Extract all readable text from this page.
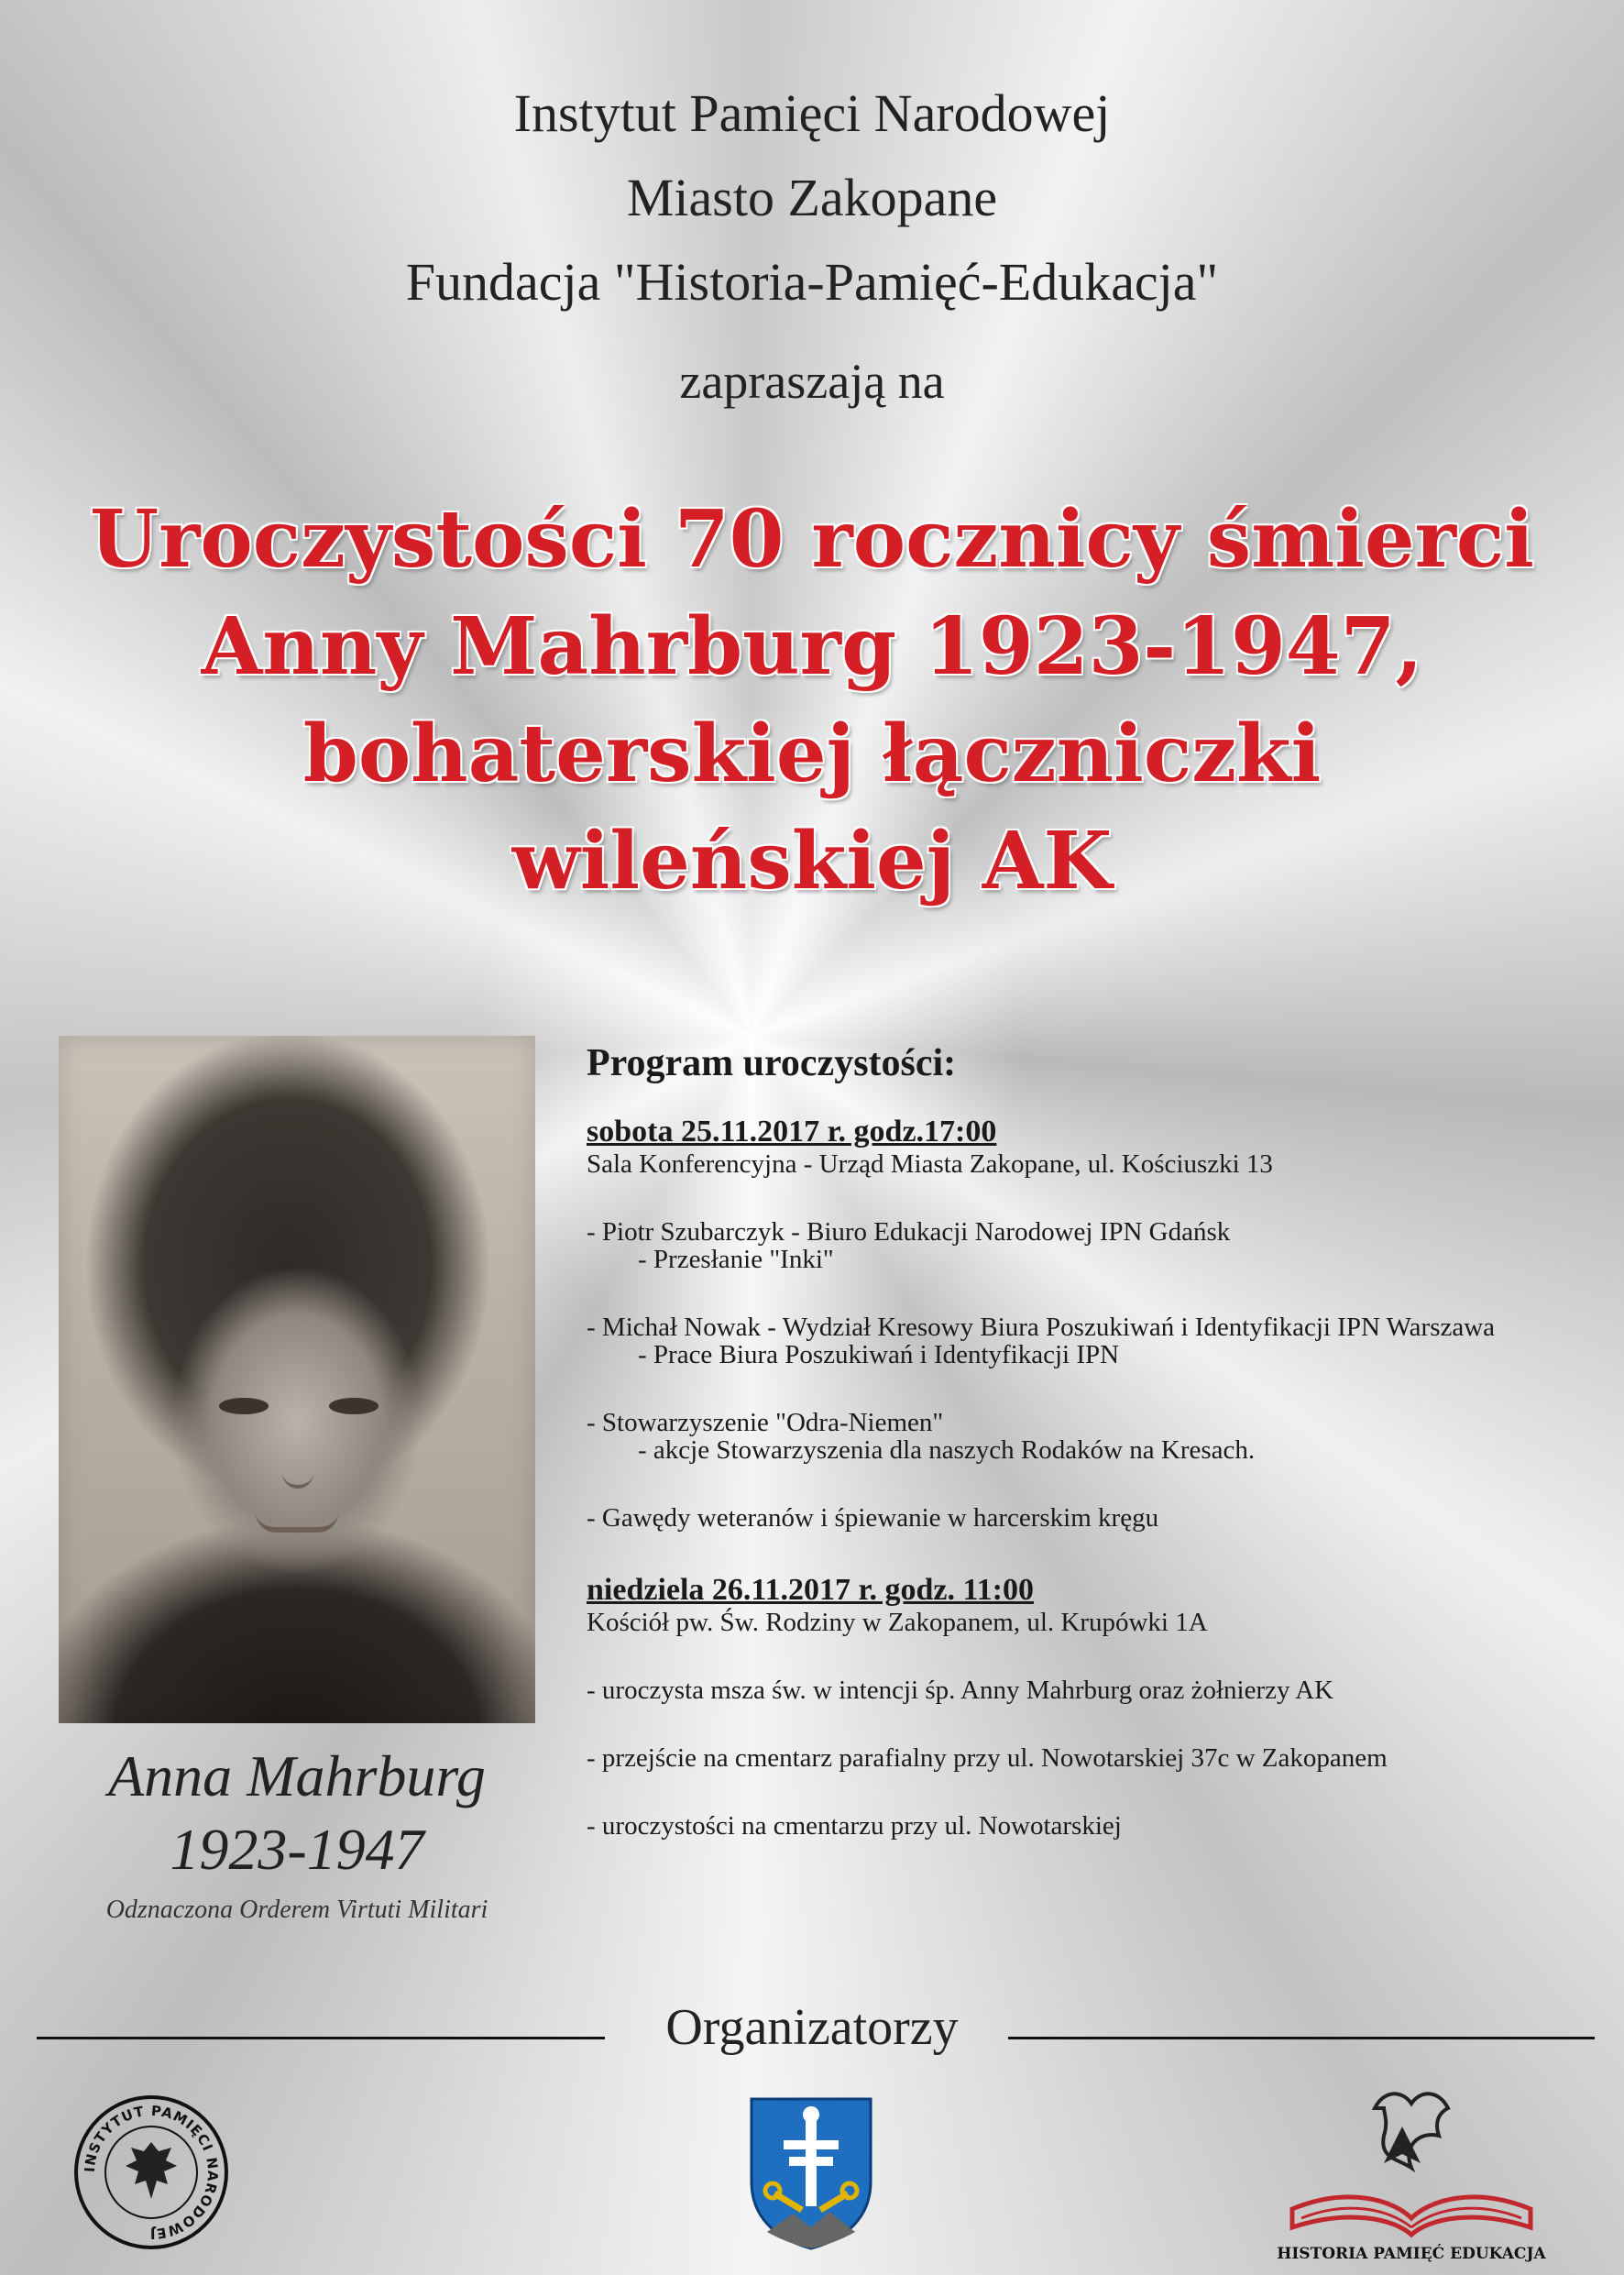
Instytut Pamięci Narodowej
Miasto Zakopane
Fundacja "Historia-Pamięć-Edukacja"
zapraszają na
Uroczystości 70 rocznicy śmierci
Anny Mahrburg 1923-1947,
bohaterskiej łączniczki
wileńskiej AK
Anna Mahrburg
1923-1947
Odznaczona Orderem Virtuti Militari

Program uroczystości:

sobota 25.11.2017 r. godz.17:00

Sala Konferencyjna - Urząd Miasta Zakopane, ul. Kościuszki 13

- Piotr Szubarczyk - Biuro Edukacji Narodowej IPN Gdańsk

- Przesłanie "Inki"

- Michał Nowak - Wydział Kresowy Biura Poszukiwań i Identyfikacji IPN Warszawa

- Prace Biura Poszukiwań i Identyfikacji IPN

- Stowarzyszenie "Odra-Niemen"

- akcje Stowarzyszenia dla naszych Rodaków na Kresach.

- Gawędy weteranów i śpiewanie w harcerskim kręgu

niedziela 26.11.2017 r. godz. 11:00

Kościół pw. Św. Rodziny w Zakopanem, ul. Krupówki 1A

- uroczysta msza św. w intencji śp. Anny Mahrburg oraz żołnierzy AK

- przejście na cmentarz parafialny przy ul. Nowotarskiej 37c w Zakopanem

- uroczystości na cmentarzu przy ul. Nowotarskiej

Organizatorzy
INSTYTUT PAMIĘCI NARODOWEJ
HISTORIA PAMIĘĆ EDUKACJA
